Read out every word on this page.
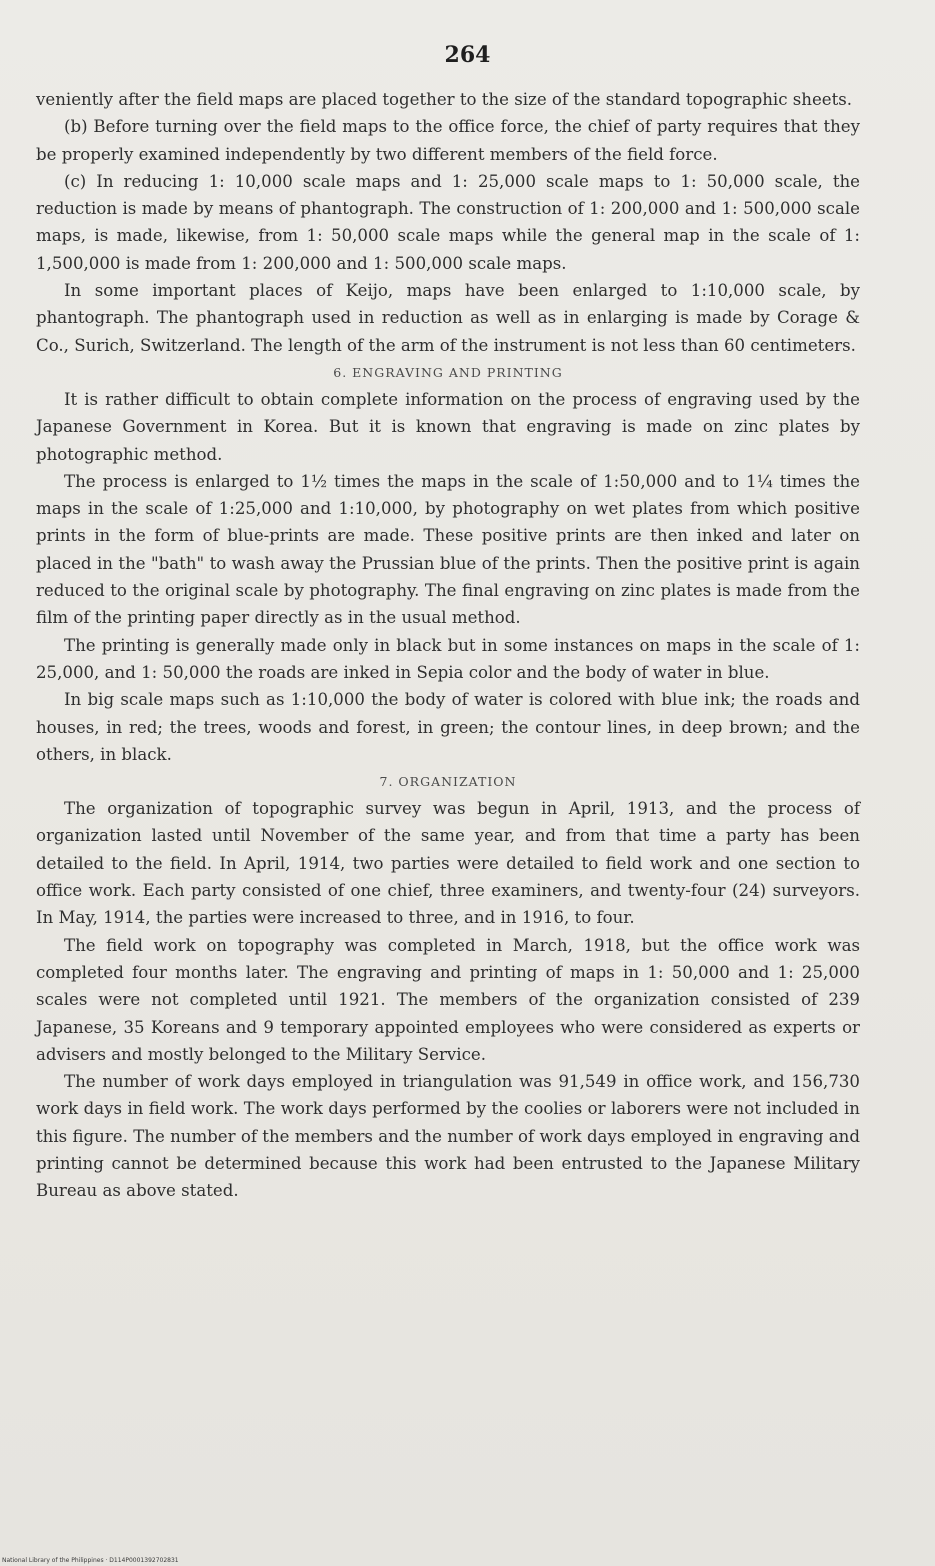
264

veniently after the field maps are placed together to the size of the standard topographic sheets.

(b) Before turning over the field maps to the office force, the chief of party requires that they be properly examined independently by two different members of the field force.

(c) In reducing 1: 10,000 scale maps and 1: 25,000 scale maps to 1: 50,000 scale, the reduction is made by means of phantograph. The construction of 1: 200,000 and 1: 500,000 scale maps, is made, likewise, from 1: 50,000 scale maps while the general map in the scale of 1: 1,500,000 is made from 1: 200,000 and 1: 500,000 scale maps.

In some important places of Keijo, maps have been enlarged to 1:10,000 scale, by phantograph. The phantograph used in reduction as well as in enlarging is made by Corage & Co., Surich, Switzerland. The length of the arm of the instrument is not less than 60 centimeters.

6. ENGRAVING AND PRINTING

It is rather difficult to obtain complete information on the process of engraving used by the Japanese Government in Korea. But it is known that engraving is made on zinc plates by photographic method.

The process is enlarged to 1½ times the maps in the scale of 1:50,000 and to 1¼ times the maps in the scale of 1:25,000 and 1:10,000, by photography on wet plates from which positive prints in the form of blue-prints are made. These positive prints are then inked and later on placed in the "bath" to wash away the Prussian blue of the prints. Then the positive print is again reduced to the original scale by photography. The final engraving on zinc plates is made from the film of the printing paper directly as in the usual method.

The printing is generally made only in black but in some instances on maps in the scale of 1: 25,000, and 1: 50,000 the roads are inked in Sepia color and the body of water in blue.

In big scale maps such as 1:10,000 the body of water is colored with blue ink; the roads and houses, in red; the trees, woods and forest, in green; the contour lines, in deep brown; and the others, in black.

7. ORGANIZATION

The organization of topographic survey was begun in April, 1913, and the process of organization lasted until November of the same year, and from that time a party has been detailed to the field. In April, 1914, two parties were detailed to field work and one section to office work. Each party consisted of one chief, three examiners, and twenty-four (24) surveyors. In May, 1914, the parties were increased to three, and in 1916, to four.

The field work on topography was completed in March, 1918, but the office work was completed four months later. The engraving and printing of maps in 1: 50,000 and 1: 25,000 scales were not completed until 1921. The members of the organization consisted of 239 Japanese, 35 Koreans and 9 temporary appointed employees who were considered as experts or advisers and mostly belonged to the Military Service.

The number of work days employed in triangulation was 91,549 in office work, and 156,730 work days in field work. The work days performed by the coolies or laborers were not included in this figure. The number of the members and the number of work days employed in engraving and printing cannot be determined because this work had been entrusted to the Japanese Military Bureau as above stated.

National Library of the Philippines · D114P0001392702831
